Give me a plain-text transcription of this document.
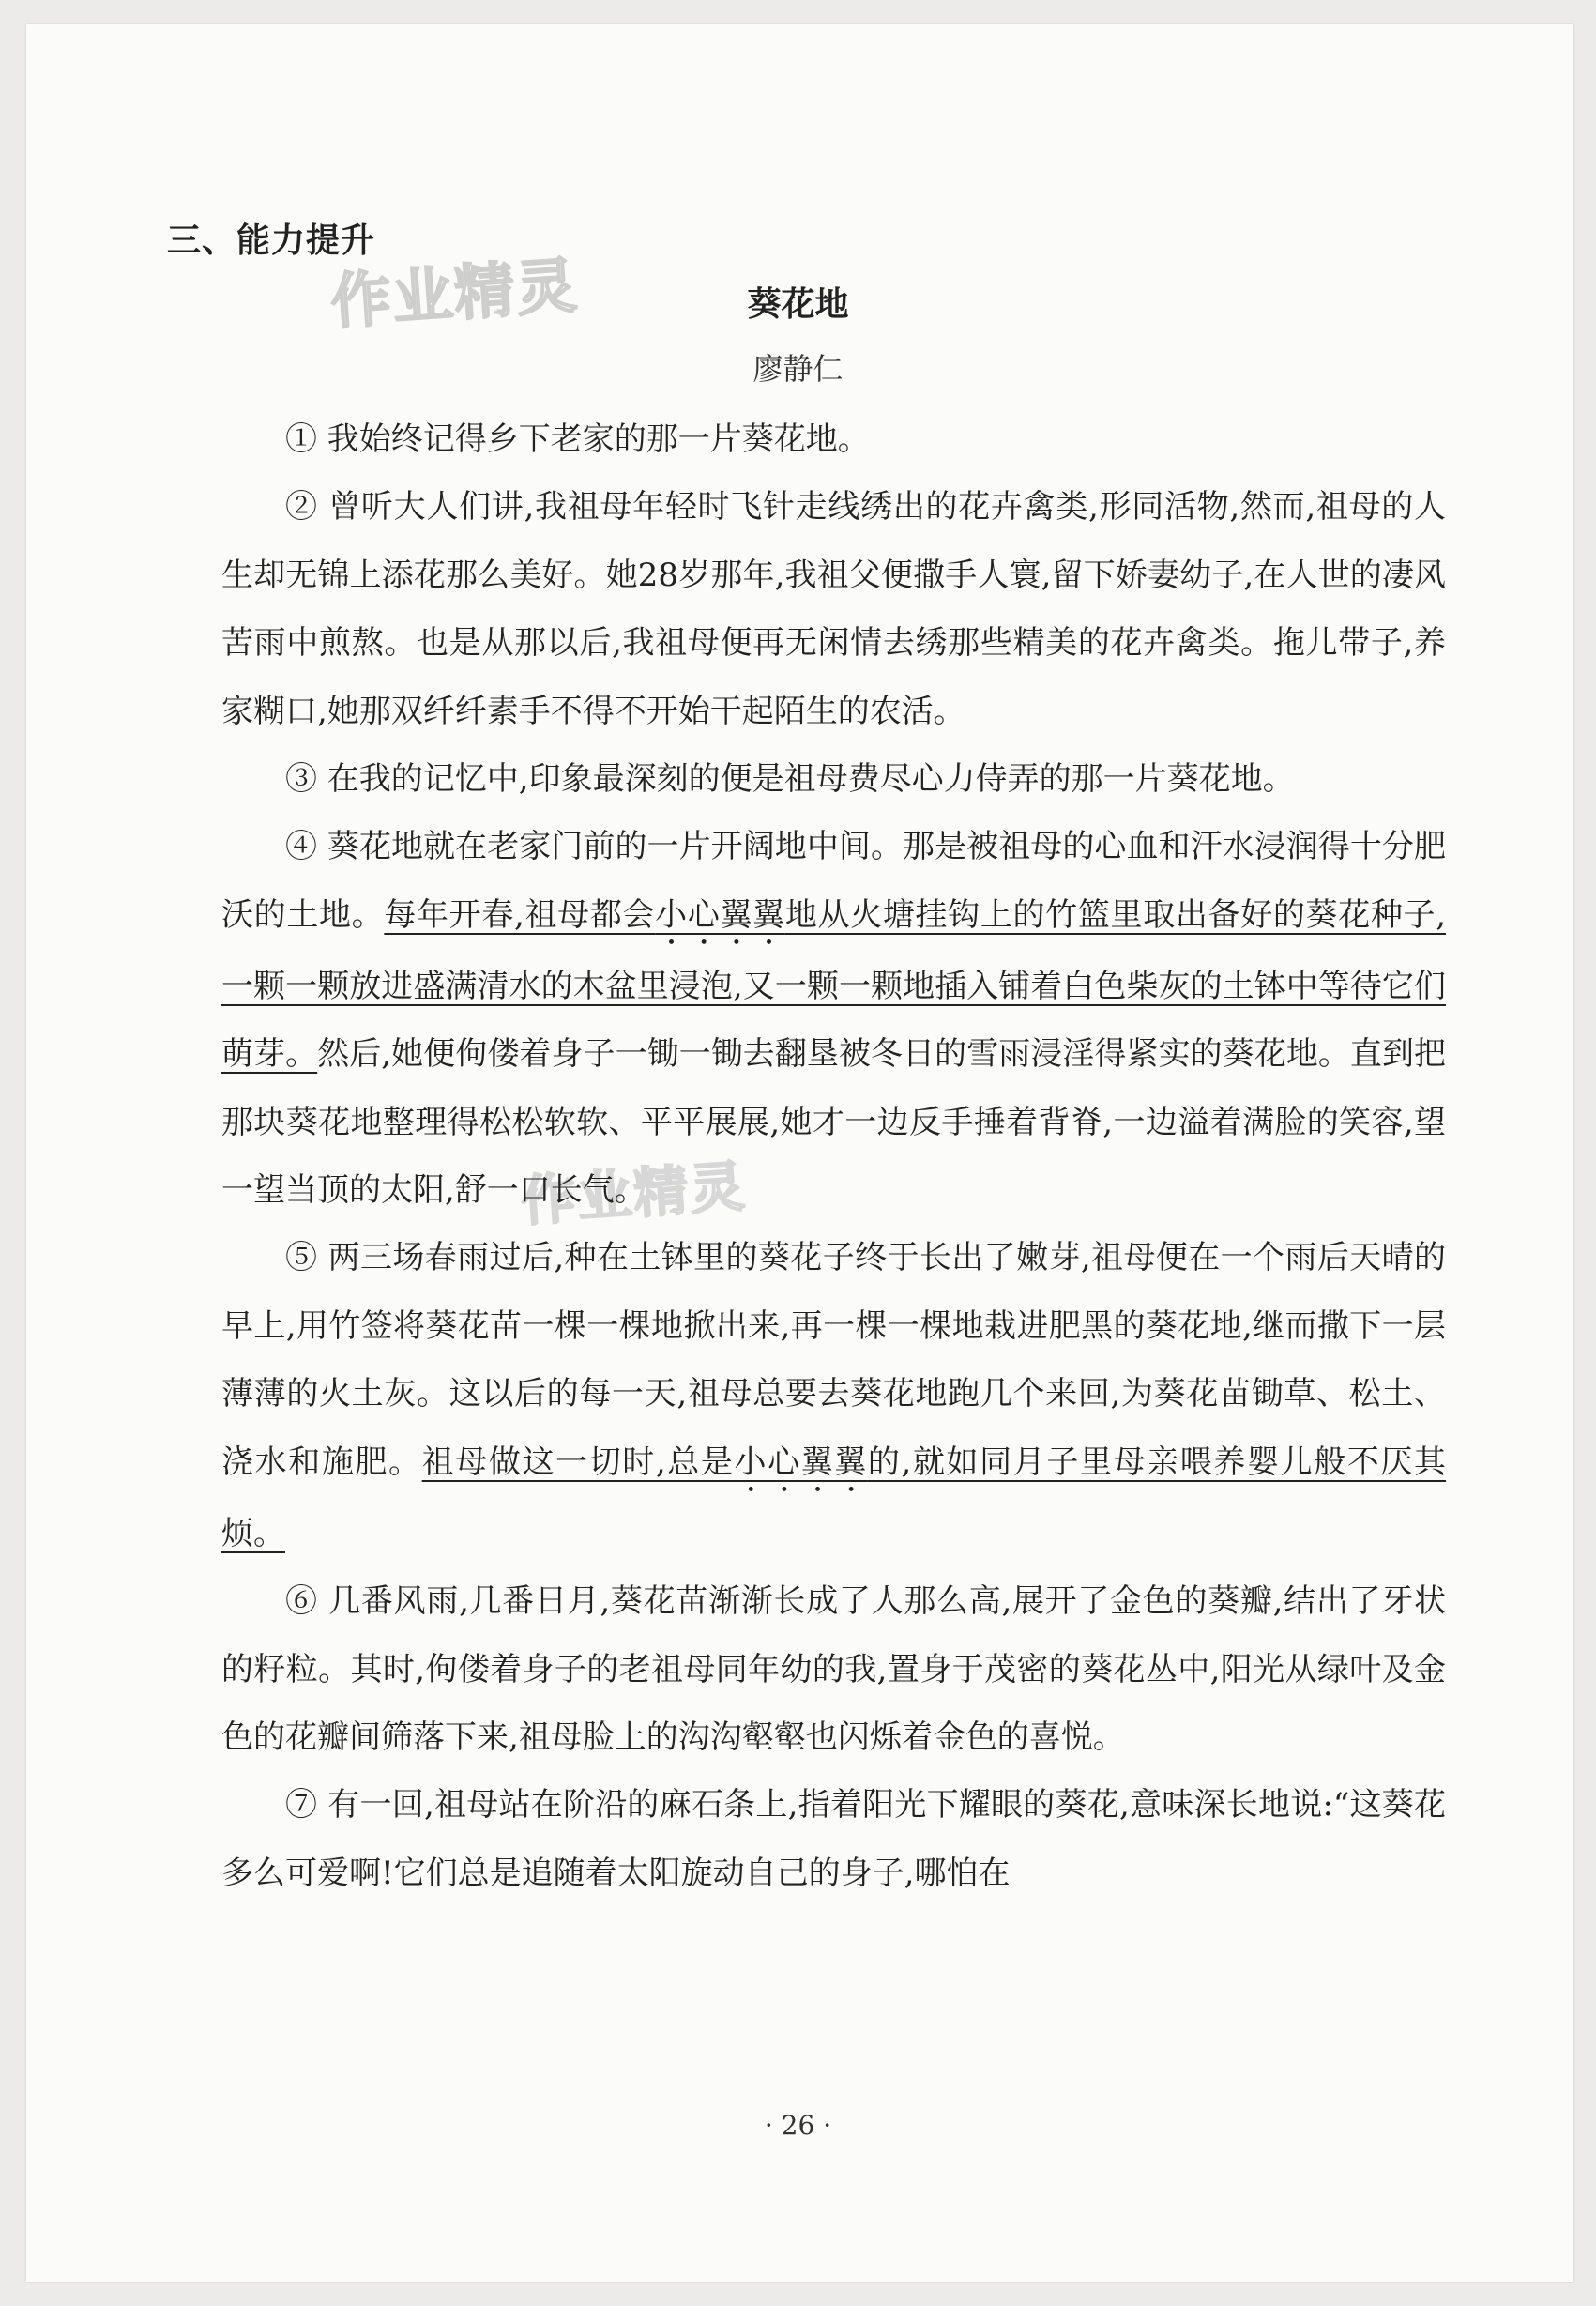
三、能力提升
作业精灵
作业精灵
葵花地
廖静仁

① 我始终记得乡下老家的那一片葵花地。

② 曾听大人们讲,我祖母年轻时飞针走线绣出的花卉禽类,形同活物,然而,祖母的人生却无锦上添花那么美好。她28岁那年,我祖父便撒手人寰,留下娇妻幼子,在人世的凄风苦雨中煎熬。也是从那以后,我祖母便再无闲情去绣那些精美的花卉禽类。拖儿带子,养家糊口,她那双纤纤素手不得不开始干起陌生的农活。

③ 在我的记忆中,印象最深刻的便是祖母费尽心力侍弄的那一片葵花地。

④ 葵花地就在老家门前的一片开阔地中间。那是被祖母的心血和汗水浸润得十分肥沃的土地。每年开春,祖母都会小心翼翼地从火塘挂钩上的竹篮里取出备好的葵花种子,一颗一颗放进盛满清水的木盆里浸泡,又一颗一颗地插入铺着白色柴灰的土钵中等待它们萌芽。然后,她便佝偻着身子一锄一锄去翻垦被冬日的雪雨浸淫得紧实的葵花地。直到把那块葵花地整理得松松软软、平平展展,她才一边反手捶着背脊,一边溢着满脸的笑容,望一望当顶的太阳,舒一口长气。

⑤ 两三场春雨过后,种在土钵里的葵花子终于长出了嫩芽,祖母便在一个雨后天晴的早上,用竹签将葵花苗一棵一棵地掀出来,再一棵一棵地栽进肥黑的葵花地,继而撒下一层薄薄的火土灰。这以后的每一天,祖母总要去葵花地跑几个来回,为葵花苗锄草、松土、浇水和施肥。祖母做这一切时,总是小心翼翼的,就如同月子里母亲喂养婴儿般不厌其烦。

⑥ 几番风雨,几番日月,葵花苗渐渐长成了人那么高,展开了金色的葵瓣,结出了牙状的籽粒。其时,佝偻着身子的老祖母同年幼的我,置身于茂密的葵花丛中,阳光从绿叶及金色的花瓣间筛落下来,祖母脸上的沟沟壑壑也闪烁着金色的喜悦。

⑦ 有一回,祖母站在阶沿的麻石条上,指着阳光下耀眼的葵花,意味深长地说:“这葵花多么可爱啊!它们总是追随着太阳旋动自己的身子,哪怕在

· 26 ·
